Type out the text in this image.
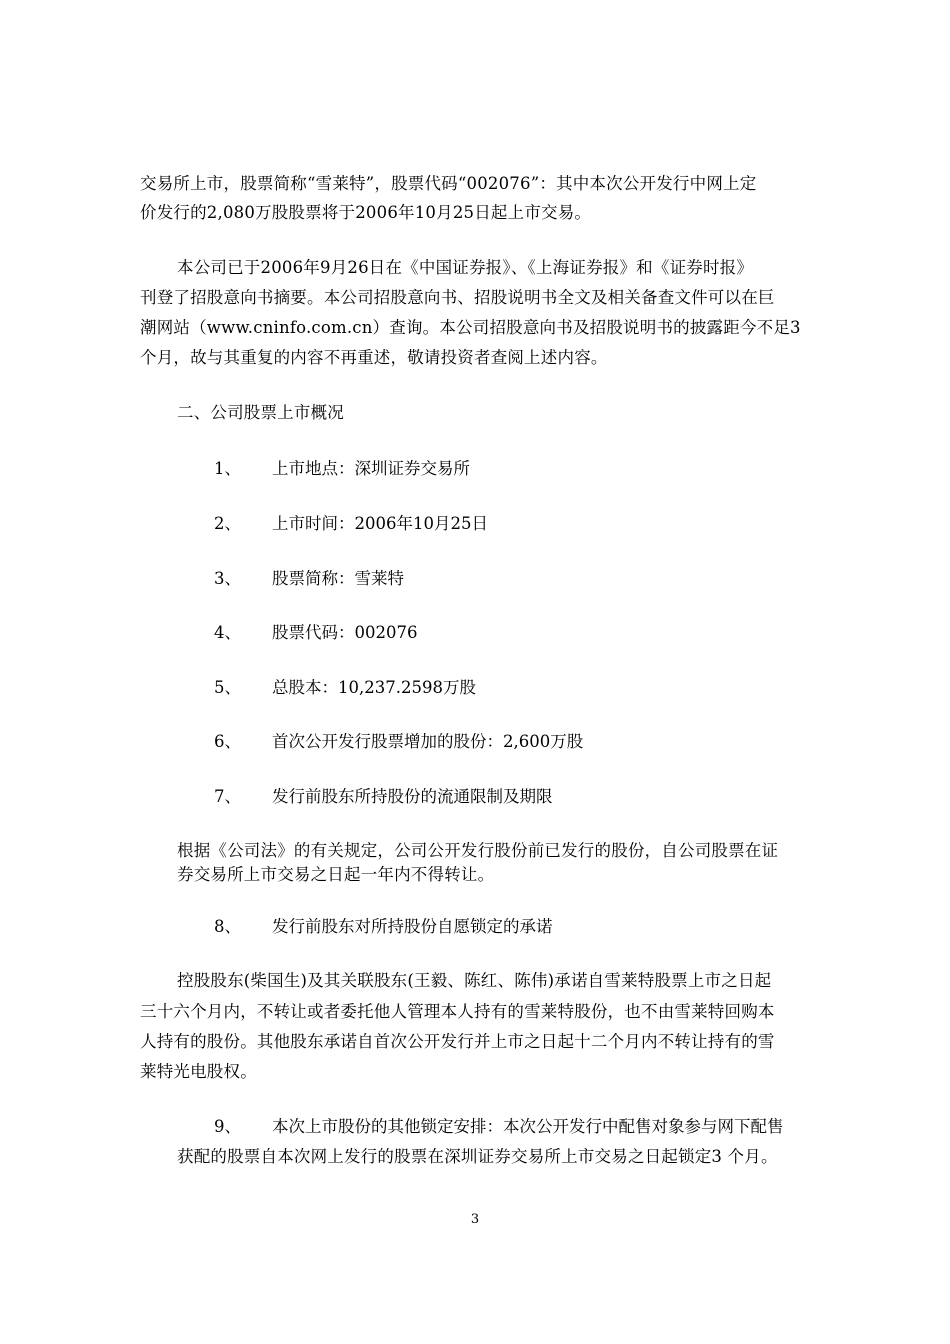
交易所上市，股票简称“雪莱特”，股票代码“002076”：其中本次公开发行中网上定
价发行的2,080万股股票将于2006年10月25日起上市交易。
本公司已于2006年9月26日在《中国证券报》、《上海证券报》和《证券时报》
刊登了招股意向书摘要。本公司招股意向书、招股说明书全文及相关备查文件可以在巨
潮网站（www.cninfo.com.cn）查询。本公司招股意向书及招股说明书的披露距今不足3
个月，故与其重复的内容不再重述，敬请投资者查阅上述内容。
二、公司股票上市概况
1、 上市地点：深圳证券交易所
2、 上市时间：2006年10月25日
3、 股票简称：雪莱特
4、 股票代码：002076
5、 总股本：10,237.2598万股
6、 首次公开发行股票增加的股份：2,600万股
7、 发行前股东所持股份的流通限制及期限
根据《公司法》的有关规定，公司公开发行股份前已发行的股份，自公司股票在证
券交易所上市交易之日起一年内不得转让。
8、 发行前股东对所持股份自愿锁定的承诺
控股股东(柴国生)及其关联股东(王毅、陈红、陈伟)承诺自雪莱特股票上市之日起
三十六个月内，不转让或者委托他人管理本人持有的雪莱特股份，也不由雪莱特回购本
人持有的股份。其他股东承诺自首次公开发行并上市之日起十二个月内不转让持有的雪
莱特光电股权。
9、 本次上市股份的其他锁定安排：本次公开发行中配售对象参与网下配售
获配的股票自本次网上发行的股票在深圳证券交易所上市交易之日起锁定3 个月。
3
